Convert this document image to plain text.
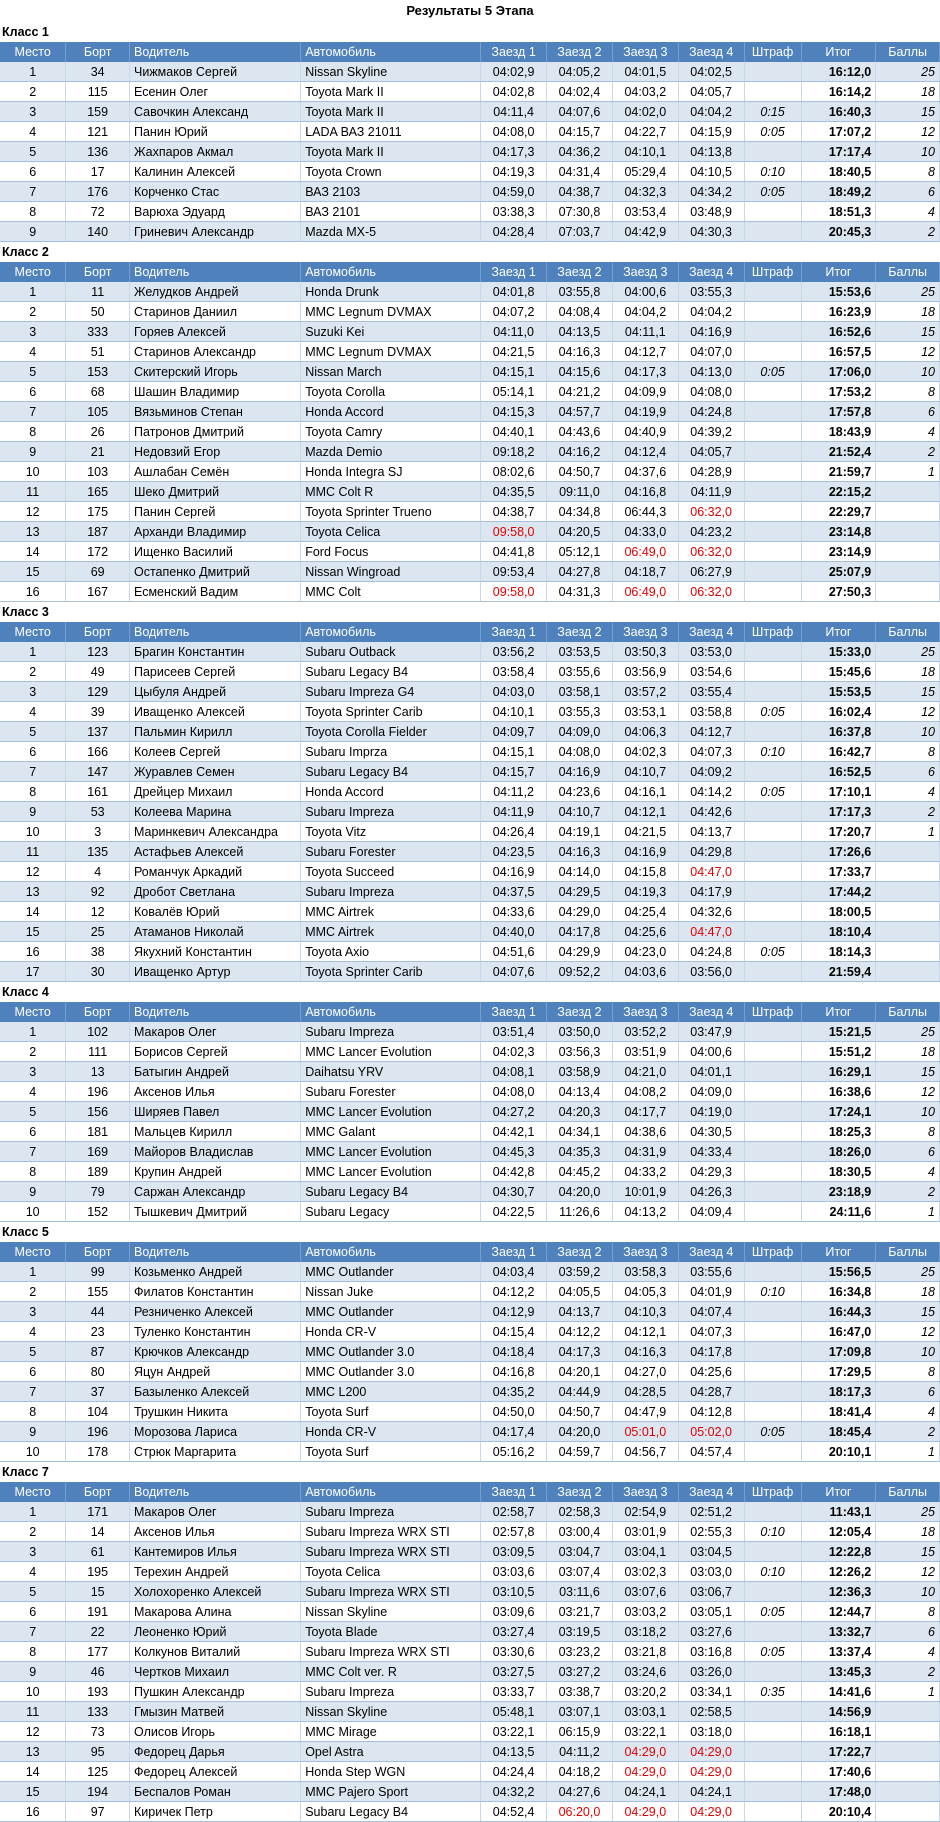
Результаты 5 Этапа
Класс 1
Место	Борт	Водитель	Автомобиль	Заезд 1	Заезд 2	Заезд 3	Заезд 4	Штраф	Итог	Баллы
1	34	Чижмаков Сергей	Nissan Skyline	04:02,9	04:05,2	04:01,5	04:02,5		16:12,0	25
2	115	Есенин Олег	Toyota Mark II	04:02,8	04:02,4	04:03,2	04:05,7		16:14,2	18
3	159	Савочкин Александ	Toyota Mark II	04:11,4	04:07,6	04:02,0	04:04,2	0:15	16:40,3	15
4	121	Панин Юрий	LADA ВАЗ 21011	04:08,0	04:15,7	04:22,7	04:15,9	0:05	17:07,2	12
5	136	Жахпаров Акмал	Toyota Mark II	04:17,3	04:36,2	04:10,1	04:13,8		17:17,4	10
6	17	Калинин Алексей	Toyota Crown	04:19,3	04:31,4	05:29,4	04:10,5	0:10	18:40,5	8
7	176	Корченко Стас	ВАЗ 2103	04:59,0	04:38,7	04:32,3	04:34,2	0:05	18:49,2	6
8	72	Варюха Эдуард	ВАЗ 2101	03:38,3	07:30,8	03:53,4	03:48,9		18:51,3	4
9	140	Гриневич Александр	Mazda MX-5	04:28,4	07:03,7	04:42,9	04:30,3		20:45,3	2
Класс 2
Место	Борт	Водитель	Автомобиль	Заезд 1	Заезд 2	Заезд 3	Заезд 4	Штраф	Итог	Баллы
1	11	Желудков Андрей	Honda Drunk	04:01,8	03:55,8	04:00,6	03:55,3		15:53,6	25
2	50	Старинов Даниил	MMC Legnum DVMAX	04:07,2	04:08,4	04:04,2	04:04,2		16:23,9	18
3	333	Горяев Алексей	Suzuki Kei	04:11,0	04:13,5	04:11,1	04:16,9		16:52,6	15
4	51	Старинов Александр	MMC Legnum DVMAX	04:21,5	04:16,3	04:12,7	04:07,0		16:57,5	12
5	153	Скитерский Игорь	Nissan March	04:15,1	04:15,6	04:17,3	04:13,0	0:05	17:06,0	10
6	68	Шашин Владимир	Toyota Corolla	05:14,1	04:21,2	04:09,9	04:08,0		17:53,2	8
7	105	Вязьминов Степан	Honda Accord	04:15,3	04:57,7	04:19,9	04:24,8		17:57,8	6
8	26	Патронов Дмитрий	Toyota Camry	04:40,1	04:43,6	04:40,9	04:39,2		18:43,9	4
9	21	Недовзий Егор	Mazda Demio	09:18,2	04:16,2	04:12,4	04:05,7		21:52,4	2
10	103	Ашлабан Семён	Honda Integra SJ	08:02,6	04:50,7	04:37,6	04:28,9		21:59,7	1
11	165	Шеко Дмитрий	MMC Colt R	04:35,5	09:11,0	04:16,8	04:11,9		22:15,2	
12	175	Панин Сергей	Toyota Sprinter Trueno	04:38,7	04:34,8	06:44,3	06:32,0		22:29,7	
13	187	Арханди Владимир	Toyota Celica	09:58,0	04:20,5	04:33,0	04:23,2		23:14,8	
14	172	Ищенко Василий	Ford Focus	04:41,8	05:12,1	06:49,0	06:32,0		23:14,9	
15	69	Остапенко Дмитрий	Nissan Wingroad	09:53,4	04:27,8	04:18,7	06:27,9		25:07,9	
16	167	Есменский Вадим	MMC Colt	09:58,0	04:31,3	06:49,0	06:32,0		27:50,3	
Класс 3
Место	Борт	Водитель	Автомобиль	Заезд 1	Заезд 2	Заезд 3	Заезд 4	Штраф	Итог	Баллы
1	123	Брагин Константин	Subaru Outback	03:56,2	03:53,5	03:50,3	03:53,0		15:33,0	25
2	49	Парисеев Сергей	Subaru Legacy B4	03:58,4	03:55,6	03:56,9	03:54,6		15:45,6	18
3	129	Цыбуля Андрей	Subaru Impreza G4	04:03,0	03:58,1	03:57,2	03:55,4		15:53,5	15
4	39	Иващенко Алексей	Toyota Sprinter Carib	04:10,1	03:55,3	03:53,1	03:58,8	0:05	16:02,4	12
5	137	Пальмин Кирилл	Toyota Corolla Fielder	04:09,7	04:09,0	04:06,3	04:12,7		16:37,8	10
6	166	Колеев Сергей	Subaru Imprza	04:15,1	04:08,0	04:02,3	04:07,3	0:10	16:42,7	8
7	147	Журавлев Семен	Subaru Legacy B4	04:15,7	04:16,9	04:10,7	04:09,2		16:52,5	6
8	161	Дрейцер Михаил	Honda Accord	04:11,2	04:23,6	04:16,1	04:14,2	0:05	17:10,1	4
9	53	Колеева Марина	Subaru Impreza	04:11,9	04:10,7	04:12,1	04:42,6		17:17,3	2
10	3	Маринкевич Александра	Toyota Vitz	04:26,4	04:19,1	04:21,5	04:13,7		17:20,7	1
11	135	Астафьев Алексей	Subaru Forester	04:23,5	04:16,3	04:16,9	04:29,8		17:26,6	
12	4	Романчук Аркадий	Toyota Succeed	04:16,9	04:14,0	04:15,8	04:47,0		17:33,7	
13	92	Дробот Светлана	Subaru Impreza	04:37,5	04:29,5	04:19,3	04:17,9		17:44,2	
14	12	Ковалёв Юрий	MMC Airtrek	04:33,6	04:29,0	04:25,4	04:32,6		18:00,5	
15	25	Атаманов Николай	MMC Airtrek	04:40,0	04:17,8	04:25,6	04:47,0		18:10,4	
16	38	Якухний Константин	Toyota Axio	04:51,6	04:29,9	04:23,0	04:24,8	0:05	18:14,3	
17	30	Иващенко Артур	Toyota Sprinter Carib	04:07,6	09:52,2	04:03,6	03:56,0		21:59,4	
Класс 4
Место	Борт	Водитель	Автомобиль	Заезд 1	Заезд 2	Заезд 3	Заезд 4	Штраф	Итог	Баллы
1	102	Макаров Олег	Subaru Impreza	03:51,4	03:50,0	03:52,2	03:47,9		15:21,5	25
2	111	Борисов Сергей	MMC Lancer Evolution	04:02,3	03:56,3	03:51,9	04:00,6		15:51,2	18
3	13	Батыгин Андрей	Daihatsu YRV	04:08,1	03:58,9	04:21,0	04:01,1		16:29,1	15
4	196	Аксенов Илья	Subaru Forester	04:08,0	04:13,4	04:08,2	04:09,0		16:38,6	12
5	156	Ширяев Павел	MMC Lancer Evolution	04:27,2	04:20,3	04:17,7	04:19,0		17:24,1	10
6	181	Мальцев Кирилл	MMC Galant	04:42,1	04:34,1	04:38,6	04:30,5		18:25,3	8
7	169	Майоров Владислав	MMC Lancer Evolution	04:45,3	04:35,3	04:31,9	04:33,4		18:26,0	6
8	189	Крупин Андрей	MMC Lancer Evolution	04:42,8	04:45,2	04:33,2	04:29,3		18:30,5	4
9	79	Саржан Александр	Subaru Legacy B4	04:30,7	04:20,0	10:01,9	04:26,3		23:18,9	2
10	152	Тышкевич Дмитрий	Subaru Legacy	04:22,5	11:26,6	04:13,2	04:09,4		24:11,6	1
Класс 5
Место	Борт	Водитель	Автомобиль	Заезд 1	Заезд 2	Заезд 3	Заезд 4	Штраф	Итог	Баллы
1	99	Козьменко Андрей	MMC Outlander	04:03,4	03:59,2	03:58,3	03:55,6		15:56,5	25
2	155	Филатов Константин	Nissan Juke	04:12,2	04:05,5	04:05,3	04:01,9	0:10	16:34,8	18
3	44	Резниченко Алексей	MMC Outlander	04:12,9	04:13,7	04:10,3	04:07,4		16:44,3	15
4	23	Туленко Константин	Honda CR-V	04:15,4	04:12,2	04:12,1	04:07,3		16:47,0	12
5	87	Крючков Александр	MMC Outlander 3.0	04:18,4	04:17,3	04:16,3	04:17,8		17:09,8	10
6	80	Яцун Андрей	MMC Outlander 3.0	04:16,8	04:20,1	04:27,0	04:25,6		17:29,5	8
7	37	Базыленко Алексей	MMC L200	04:35,2	04:44,9	04:28,5	04:28,7		18:17,3	6
8	104	Трушкин Никита	Toyota Surf	04:50,0	04:50,7	04:47,9	04:12,8		18:41,4	4
9	196	Морозова Лариса	Honda CR-V	04:17,4	04:20,0	05:01,0	05:02,0	0:05	18:45,4	2
10	178	Стрюк Маргарита	Toyota Surf	05:16,2	04:59,7	04:56,7	04:57,4		20:10,1	1
Класс 7
Место	Борт	Водитель	Автомобиль	Заезд 1	Заезд 2	Заезд 3	Заезд 4	Штраф	Итог	Баллы
1	171	Макаров Олег	Subaru Impreza	02:58,7	02:58,3	02:54,9	02:51,2		11:43,1	25
2	14	Аксенов Илья	Subaru Impreza WRX STI	02:57,8	03:00,4	03:01,9	02:55,3	0:10	12:05,4	18
3	61	Кантемиров Илья	Subaru Impreza WRX STI	03:09,5	03:04,7	03:04,1	03:04,5		12:22,8	15
4	195	Терехин Андрей	Toyota Celica	03:03,6	03:07,4	03:02,3	03:03,0	0:10	12:26,2	12
5	15	Холохоренко Алексей	Subaru Impreza WRX STI	03:10,5	03:11,6	03:07,6	03:06,7		12:36,3	10
6	191	Макарова Алина	Nissan Skyline	03:09,6	03:21,7	03:03,2	03:05,1	0:05	12:44,7	8
7	22	Леоненко Юрий	Toyota Blade	03:27,4	03:19,5	03:18,2	03:27,6		13:32,7	6
8	177	Колкунов Виталий	Subaru Impreza WRX STI	03:30,6	03:23,2	03:21,8	03:16,8	0:05	13:37,4	4
9	46	Чертков Михаил	MMC Colt ver. R	03:27,5	03:27,2	03:24,6	03:26,0		13:45,3	2
10	193	Пушкин Александр	Subaru Impreza	03:33,7	03:38,7	03:20,2	03:34,1	0:35	14:41,6	1
11	133	Гмызин Матвей	Nissan Skyline	05:48,1	03:07,1	03:03,1	02:58,5		14:56,9	
12	73	Олисов Игорь	MMC Mirage	03:22,1	06:15,9	03:22,1	03:18,0		16:18,1	
13	95	Федорец Дарья	Opel Astra	04:13,5	04:11,2	04:29,0	04:29,0		17:22,7	
14	125	Федорец Алексей	Honda Step WGN	04:24,4	04:18,2	04:29,0	04:29,0		17:40,6	
15	194	Беспалов Роман	MMC Pajero Sport	04:32,2	04:27,6	04:24,1	04:24,1		17:48,0	
16	97	Киричек Петр	Subaru Legacy B4	04:52,4	06:20,0	04:29,0	04:29,0		20:10,4	
